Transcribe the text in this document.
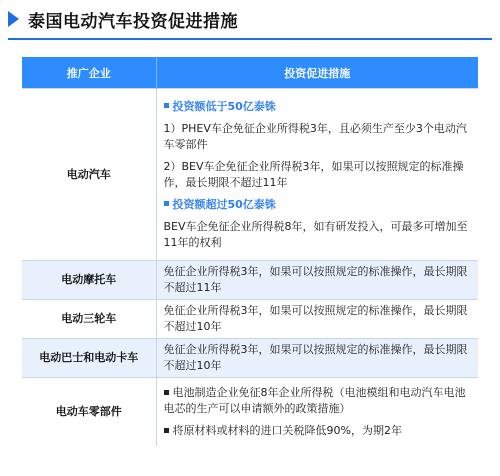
泰国电动汽车投资促进措施
推广企业	投资促进措施
电动汽车	投资额低于50亿泰铢
1）PHEV车企免征企业所得税3年，且必须生产至少3个电动汽车零部件
2）BEV车企免征企业所得税3年，如果可以按照规定的标准操作，最长期限不超过11年
投资额超过50亿泰铢
BEV车企免征企业所得税8年，如有研发投入，可最多可增加至11年的权利

电动摩托车	免征企业所得税3年，如果可以按照规定的标准操作，最长期限不超过11年

电动三轮车	免征企业所得税3年，如果可以按照规定的标准操作，最长期限不超过10年

电动巴士和电动卡车	免征企业所得税3年，如果可以按照规定的标准操作，最长期限不超过10年

电动车零部件	电池制造企业免征8年企业所得税（电池模组和电动汽车电池电芯的生产可以申请额外的政策措施）
将原材料或材料的进口关税降低90%，为期2年
